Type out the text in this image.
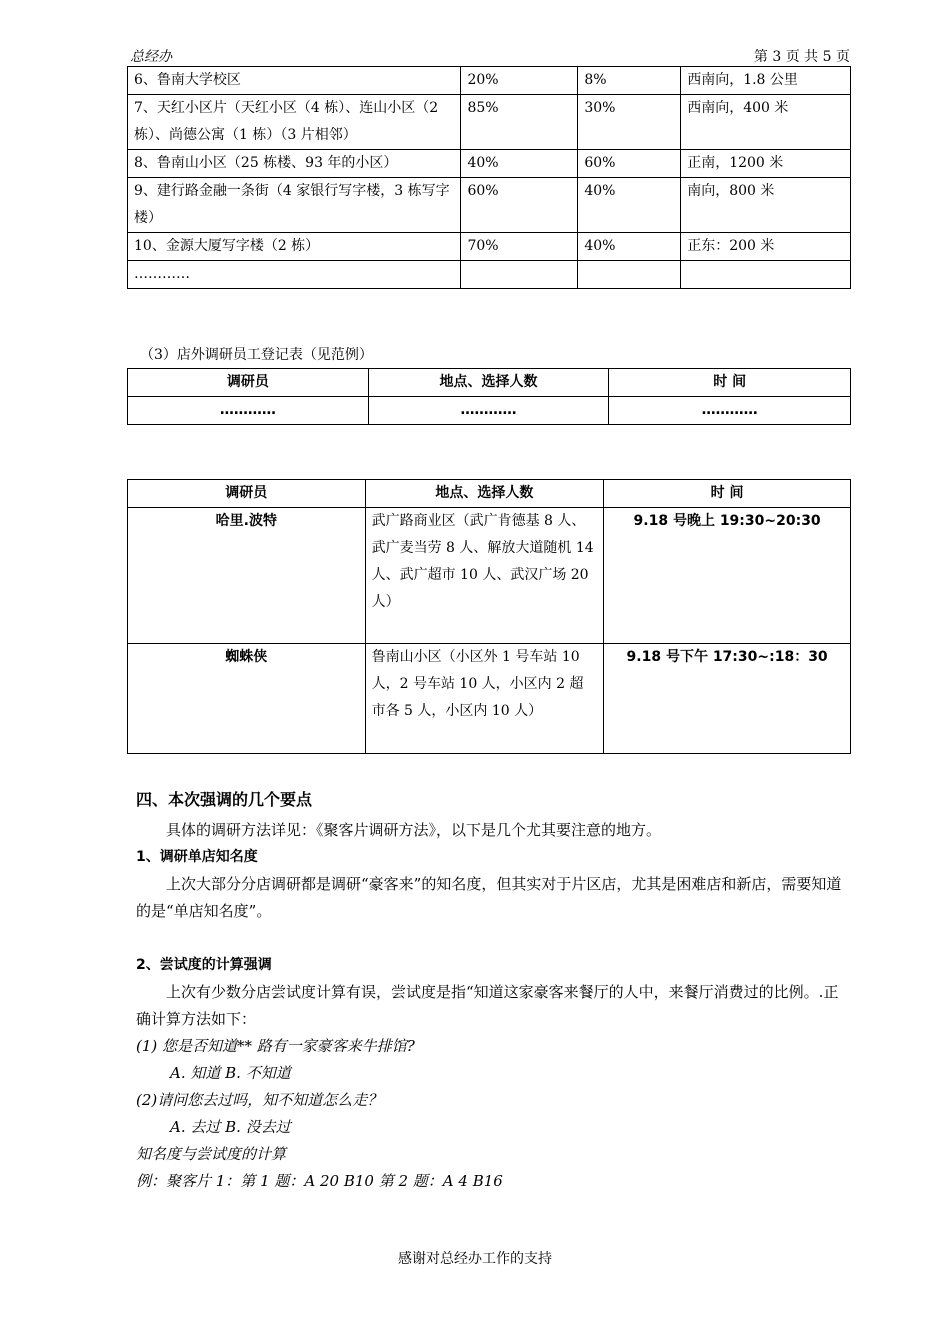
总经办	第 3 页 共 5 页
6、鲁南大学校区	20%	8%	西南向，1.8 公里
7、天红小区片（天红小区（4 栋）、连山小区（2 栋）、尚德公寓（1 栋）（3 片相邻）	85%	30%	西南向，400 米
8、鲁南山小区（25 栋楼、93 年的小区）	40%	60%	正南，1200 米
9、建行路金融一条街（4 家银行写字楼，3 栋写字楼）	60%	40%	南向，800 米
10、金源大厦写字楼（2 栋）	70%	40%	正东：200 米
…………			
（3）店外调研员工登记表（见范例）
调研员	地点、选择人数	时 间
…………	…………	…………
调研员	地点、选择人数	时 间
哈里.波特	武广路商业区（武广肯德基 8 人、武广麦当劳 8 人、解放大道随机 14 人、武广超市 10 人、武汉广场 20 人）	9.18 号晚上 19:30~20:30
蜘蛛侠	鲁南山小区（小区外 1 号车站 10 人，2 号车站 10 人，小区内 2 超市各 5 人，小区内 10 人）	9.18 号下午 17:30~:18：30
四、本次强调的几个要点
具体的调研方法详见：《聚客片调研方法》，以下是几个尤其要注意的地方。
1、调研单店知名度
上次大部分分店调研都是调研“豪客来”的知名度，但其实对于片区店，尤其是困难店和新店，需要知道的是“单店知名度”。
2、尝试度的计算强调
上次有少数分店尝试度计算有误，尝试度是指“知道这家豪客来餐厅的人中，来餐厅消费过的比例。.正确计算方法如下：
(1) 您是否知道** 路有一家豪客来牛排馆?
A. 知道 B. 不知道
(2)请问您去过吗，知不知道怎么走？
A. 去过 B. 没去过
知名度与尝试度的计算
例：聚客片 1：第 1 题：A 20 B10 第 2 题：A 4 B16
感谢对总经办工作的支持
